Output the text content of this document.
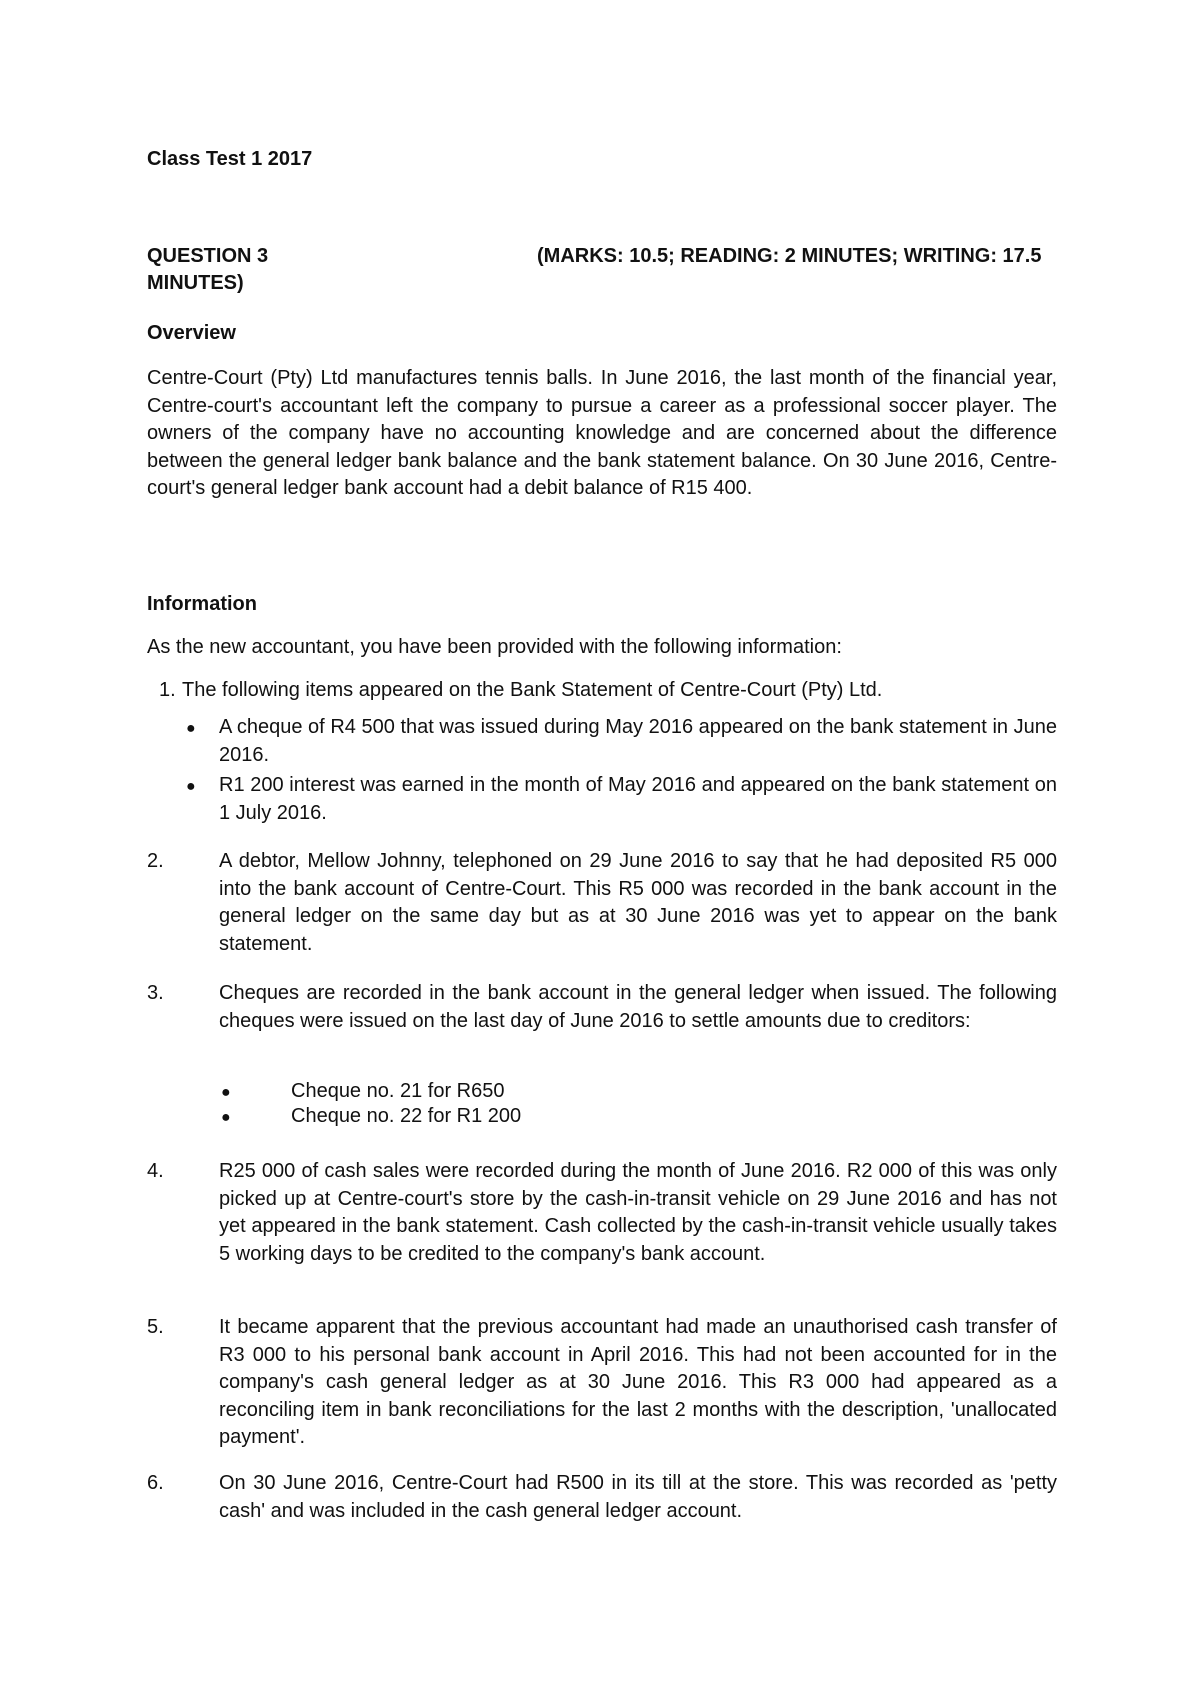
Class Test 1 2017
QUESTION 3	(MARKS: 10.5; READING: 2 MINUTES; WRITING: 17.5
MINUTES)
Overview
Centre-Court (Pty) Ltd manufactures tennis balls. In June 2016, the last month of the financial year, Centre-court's accountant left the company to pursue a career as a professional soccer player. The owners of the company have no accounting knowledge and are concerned about the difference between the general ledger bank balance and the bank statement balance. On 30 June 2016, Centre-court's general ledger bank account had a debit balance of R15 400.
Information
As the new accountant, you have been provided with the following information:
1. The following items appeared on the Bank Statement of Centre-Court (Pty) Ltd.
● A cheque of R4 500 that was issued during May 2016 appeared on the bank statement in June 2016.
● R1 200 interest was earned in the month of May 2016 and appeared on the bank statement on 1 July 2016.
2.	A debtor, Mellow Johnny, telephoned on 29 June 2016 to say that he had deposited R5 000 into the bank account of Centre-Court. This R5 000 was recorded in the bank account in the general ledger on the same day but as at 30 June 2016 was yet to appear on the bank statement.
3.	Cheques are recorded in the bank account in the general ledger when issued. The following cheques were issued on the last day of June 2016 to settle amounts due to creditors:
●	Cheque no. 21 for R650
●	Cheque no. 22 for R1 200
4.	R25 000 of cash sales were recorded during the month of June 2016. R2 000 of this was only picked up at Centre-court's store by the cash-in-transit vehicle on 29 June 2016 and has not yet appeared in the bank statement. Cash collected by the cash-in-transit vehicle usually takes 5 working days to be credited to the company's bank account.
5.	It became apparent that the previous accountant had made an unauthorised cash transfer of R3 000 to his personal bank account in April 2016. This had not been accounted for in the company's cash general ledger as at 30 June 2016. This R3 000 had appeared as a reconciling item in bank reconciliations for the last 2 months with the description, 'unallocated payment'.
6.	On 30 June 2016, Centre-Court had R500 in its till at the store. This was recorded as 'petty cash' and was included in the cash general ledger account.
